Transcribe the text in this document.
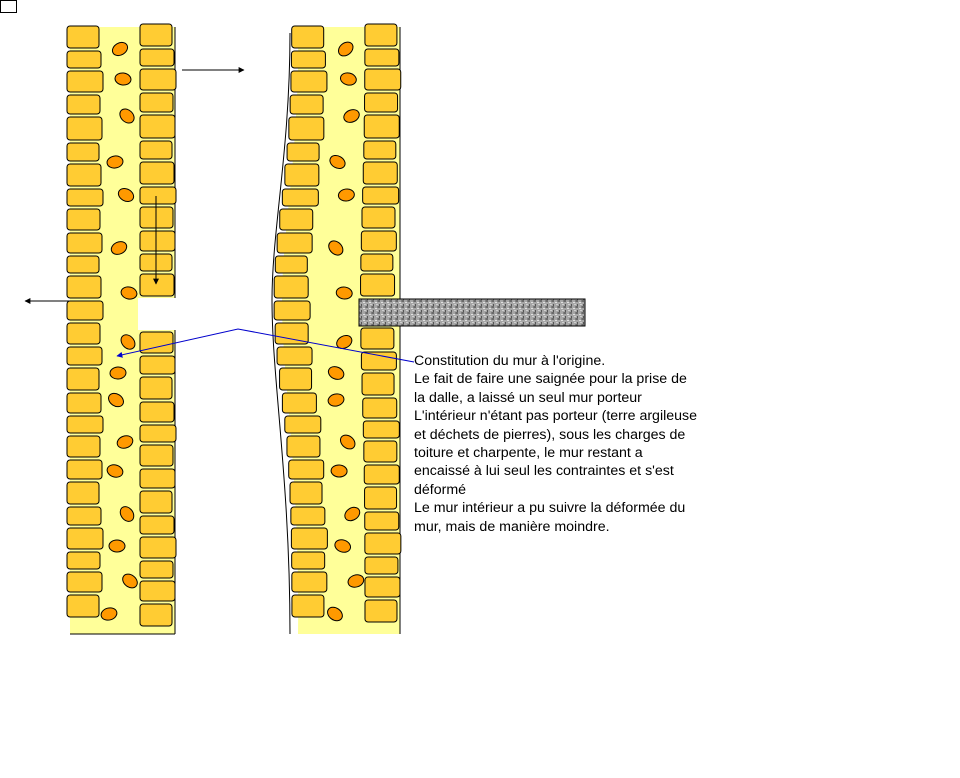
Constitution du mur à l'origine.
Le fait de faire une saignée pour la prise de
la dalle, a laissé un seul mur porteur
L'intérieur n'étant pas porteur (terre argileuse
et déchets de pierres), sous les charges de
toiture et charpente, le mur restant a
encaissé à lui seul les contraintes et s'est
déformé
Le mur intérieur a pu suivre la déformée du
mur, mais de manière moindre.
